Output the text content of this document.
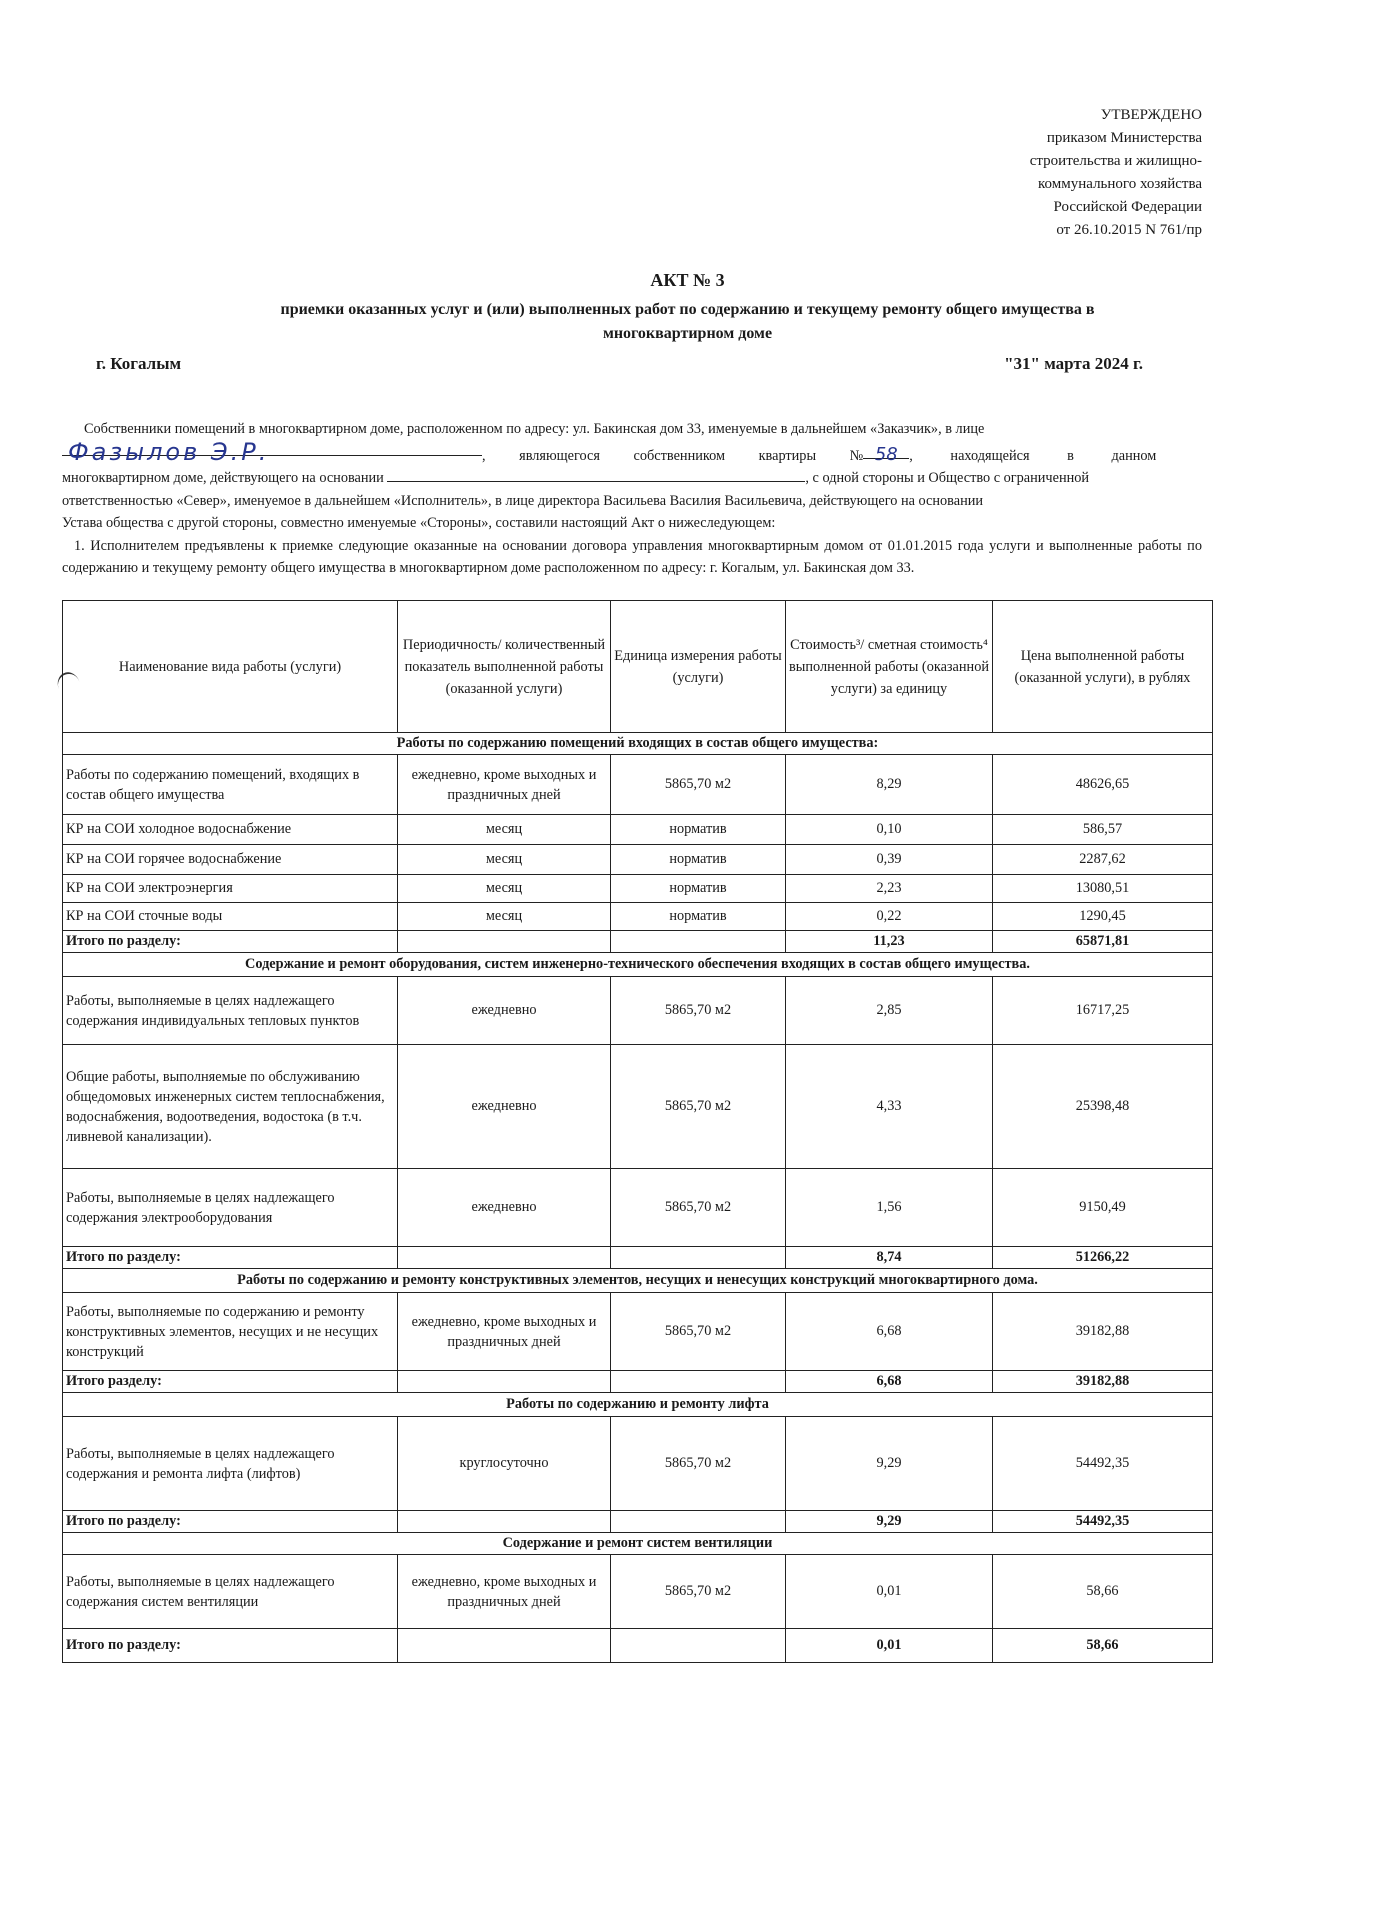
УТВЕРЖДЕНО
приказом Министерства
строительства и жилищно-
коммунального хозяйства
Российской Федерации
от 26.10.2015 N 761/пр
АКТ № 3
приемки оказанных услуг и (или) выполненных работ по содержанию и текущему ремонту общего имущества в
многоквартирном доме
г. Когалым	"31" марта 2024 г.
Собственники помещений в многоквартирном доме, расположенном по адресу: ул. Бакинская дом 33, именуемые в дальнейшем «Заказчик», в лице
Фазылов Э.Р.	, являющегося собственником квартиры № 58 , находящейся в данном
многоквартирном доме, действующего на основании	, с одной стороны и Общество с ограниченной
ответственностью «Север», именуемое в дальнейшем «Исполнитель», в лице директора Васильева Василия Васильевича, действующего на основании
Устава общества с другой стороны, совместно именуемые «Стороны», составили настоящий Акт о нижеследующем:
1. Исполнителем предъявлены к приемке следующие оказанные на основании договора управления многоквартирным домом от 01.01.2015 года услуги и выполненные работы по содержанию и текущему ремонту общего имущества в многоквартирном доме расположенном по адресу: г. Когалым, ул. Бакинская дом 33.
Наименование вида работы (услуги)	Периодичность/ количественный показатель выполненной работы (оказанной услуги)	Единица измерения работы (услуги)	Стоимость³/ сметная стоимость⁴ выполненной работы (оказанной услуги) за единицу	Цена выполненной работы (оказанной услуги), в рублях
Работы по содержанию помещений входящих в состав общего имущества:				
Работы по содержанию помещений, входящих в состав общего имущества	ежедневно, кроме выходных и праздничных дней	5865,70 м2	8,29	48626,65
КР на СОИ холодное водоснабжение	месяц	норматив	0,10	586,57
КР на СОИ горячее водоснабжение	месяц	норматив	0,39	2287,62
КР на СОИ электроэнергия	месяц	норматив	2,23	13080,51
КР на СОИ сточные воды	месяц	норматив	0,22	1290,45
Итого по разделу:			11,23	65871,81
Содержание и ремонт оборудования, систем инженерно-технического обеспечения входящих в состав общего имущества.				
Работы, выполняемые в целях надлежащего содержания индивидуальных тепловых пунктов	ежедневно	5865,70 м2	2,85	16717,25
Общие работы, выполняемые по обслуживанию общедомовых инженерных систем теплоснабжения, водоснабжения, водоотведения, водостока (в т.ч. ливневой канализации).	ежедневно	5865,70 м2	4,33	25398,48
Работы, выполняемые в целях надлежащего содержания электрооборудования	ежедневно	5865,70 м2	1,56	9150,49
Итого по разделу:			8,74	51266,22
Работы по содержанию и ремонту конструктивных элементов, несущих и ненесущих конструкций многоквартирного дома.				
Работы, выполняемые по содержанию и ремонту конструктивных элементов, несущих и не несущих конструкций	ежедневно, кроме выходных и праздничных дней	5865,70 м2	6,68	39182,88
Итого разделу:			6,68	39182,88
Работы по содержанию и ремонту лифта				
Работы, выполняемые в целях надлежащего содержания и ремонта лифта (лифтов)	круглосуточно	5865,70 м2	9,29	54492,35
Итого по разделу:			9,29	54492,35
Содержание и ремонт систем вентиляции				
Работы, выполняемые в целях надлежащего содержания систем вентиляции	ежедневно, кроме выходных и праздничных дней	5865,70 м2	0,01	58,66
Итого по разделу:			0,01	58,66
